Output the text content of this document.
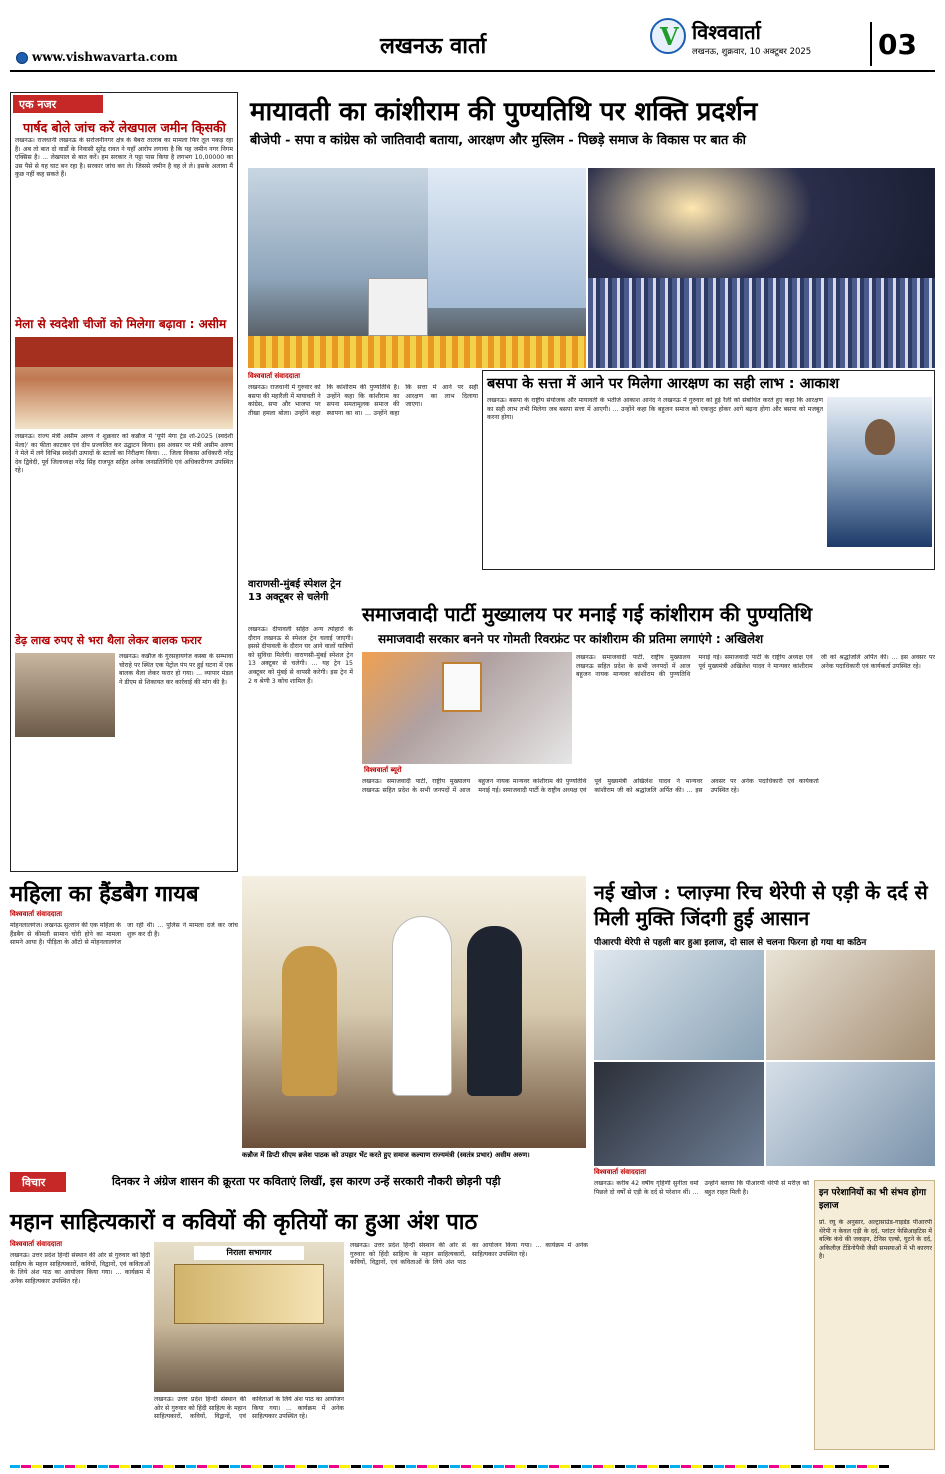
www.vishwavarta.com	लखनऊ वार्ता	V विश्ववार्ता
लखनऊ, शुक्रवार, 10 अक्टूबर 2025 03
एक नजर
पार्षद बोले जांच करें लेखपाल जमीन कि्सकी
लखनऊ। राजधानी लखनऊ के सरोजनीनगर क्षेत्र के बैबरा तालाब का मामला फिर तूल पकड़ रहा है। अब तो बात दो वार्डों के निवासी सुरेंद्र रावत ने यहाँ आरोप लगाया है कि यह जमीन नगर निगम एक्सिस है। ... लेखपाल से बात करें। हम सरकार ने पट्टा पास किया है लगभग 10,00000 का उस पैसे से यह घाट बन रहा है। सरकार जांच कर ले। जिससे जमीन है वह ले ले। इसके अलावा मैं कुछ नहीं कह सकते हैं।
मेला से स्वदेशी चीजों को मिलेगा बढ़ावा : असीम
लखनऊ। राज्य मंत्री असीम अरुण ने शुक्रवार को कन्नौज में 'यूपी मेगा ट्रेड शो-2025 (स्वदेशी मेला)' का फीता काटकर एवं दीप प्रज्वलित कर उद्घाटन किया। इस अवसर पर मंत्री असीम अरुण ने मेले में लगे विभिन्न स्वदेशी उत्पादों के स्टालों का निरीक्षण किया। ... जिला विकास अधिकारी नरेंद्र देव द्विवेदी, पूर्व जिलाध्यक्ष नरेंद्र सिंह राजपूत सहित अनेक जनप्रतिनिधि एवं अधिकारीगण उपस्थित रहे।
डेढ़ लाख रुपए से भरा थैला लेकर बालक फरार
लखनऊ। कन्नौज के गुरसहायगंज कस्बा के सम्भावा चोराहे पर स्थित एक पेट्रोल पंप पर हुई घटना में एक बालक थैला लेकर फरार हो गया। ... व्यापार मंडल ने डीएम से शिकायत कर कार्रवाई की मांग की है।
मायावती का कांशीराम की पुण्यतिथि पर शक्ति प्रदर्शन
बीजेपी - सपा व कांग्रेस को जातिवादी बताया, आरक्षण और मुस्लिम - पिछड़े समाज के विकास पर बात की
विश्ववार्ता संवाददाता
लखनऊ। राजधानी में गुरुवार को बसपा की महारैली में मायावती ने कांग्रेस, सपा और भाजपा पर तीखा हमला बोला। उन्होंने कहा कि कांशीराम की पुण्यतिथि है। उन्होंने कहा कि कांशीराम का सपना समतामूलक समाज की स्थापना का था। ... उन्होंने कहा कि सत्ता में आने पर सही आरक्षण का लाभ दिलाया जाएगा।
बसपा के सत्ता में आने पर मिलेगा आरक्षण का सही लाभ : आकाश
लखनऊ। बसपा के राष्ट्रीय संयोजक और मायावती के भतीजे आकाश आनंद ने लखनऊ में गुरुवार को हुई रैली को संबोधित करते हुए कहा कि आरक्षण का सही लाभ तभी मिलेगा जब बसपा सत्ता में आएगी। ... उन्होंने कहा कि बहुजन समाज को एकजुट होकर आगे बढ़ना होगा और बसपा को मजबूत करना होगा।
वाराणसी-मुंबई स्पेशल ट्रेन 13 अक्टूबर से चलेगी
लखनऊ। दीपावली सहित अन्य त्योहारों के दौरान लखनऊ से स्पेशल ट्रेन चलाई जाएगी। इससे दीपावली के दौरान घर आने वालों यात्रियों को सुविधा मिलेगी। वाराणसी-मुंबई स्पेशल ट्रेन 13 अक्टूबर से चलेगी। ... यह ट्रेन 15 अक्टूबर को मुंबई से वापसी करेगी। इस ट्रेन में 2 व श्रेणी 3 कोच शामिल हैं।
समाजवादी पार्टी मुख्यालय पर मनाई गई कांशीराम की पुण्यतिथि
समाजवादी सरकार बनने पर गोमती रिवरफ्रंट पर कांशीराम की प्रतिमा लगाएंगे : अखिलेश
विश्ववार्ता ब्यूरो
लखनऊ। समाजवादी पार्टी, राष्ट्रीय मुख्यालय लखनऊ सहित प्रदेश के सभी जनपदों में आज बहुजन नायक मान्यवर कांशीराम की पुण्यतिथि मनाई गई। समाजवादी पार्टी के राष्ट्रीय अध्यक्ष एवं पूर्व मुख्यमंत्री अखिलेश यादव ने मान्यवर कांशीराम जी को श्रद्धांजलि अर्पित की। ... इस अवसर पर अनेक पदाधिकारी एवं कार्यकर्ता उपस्थित रहे।
लखनऊ। समाजवादी पार्टी, राष्ट्रीय मुख्यालय लखनऊ सहित प्रदेश के सभी जनपदों में आज बहुजन नायक मान्यवर कांशीराम की पुण्यतिथि मनाई गई। समाजवादी पार्टी के राष्ट्रीय अध्यक्ष एवं पूर्व मुख्यमंत्री अखिलेश यादव ने मान्यवर कांशीराम जी को श्रद्धांजलि अर्पित की। ... इस अवसर पर अनेक पदाधिकारी एवं कार्यकर्ता उपस्थित रहे।
महिला का हैंडबैग गायब
विश्ववार्ता संवाददाता
मोहनलालगंज। लखनऊ सुल्तान की एक महिला के हैंडबैग से कीमती सामान चोरी होने का मामला सामने आया है। पीड़िता के ऑटो से मोहनलालगंज जा रही थी। ... पुलिस ने मामला दर्ज कर जांच शुरू कर दी है।
कन्नौज में डिप्टी सीएम ब्रजेश पाठक को उपहार भेंट करते हुए समाज कल्याण राज्यमंत्री (स्वतंत्र प्रभार) असीम अरुण।
नई खोज : प्लाज़्मा रिच थेरेपी से एड़ी के दर्द से मिली मुक्ति जिंदगी हुई आसान
पीआरपी थेरेपी से पहली बार हुआ इलाज, दो साल से चलना फिरना हो गया था कठिन
विश्ववार्ता संवाददाता
लखनऊ। करीब 42 वर्षीय गृहिणी सुनीता वर्मा पिछले दो वर्षों से एड़ी के दर्द से परेशान थीं। ... उन्होंने बताया कि पीआरपी थेरेपी से मरीज़ को बहुत राहत मिली है।	इन परेशानियों का भी संभव होगा इलाज
प्रो. रघु के अनुसार, अल्ट्रासाउंड-गाइडेड पीआरपी थेरेपी न केवल एड़ी के दर्द, प्लांटर फेसिआइटिस में बल्कि कंधे की जकड़न, टेनिस एल्बो, घुटने के दर्द, अकिलीज़ टेंडिनोपैथी जैसी समस्याओं में भी कारगर है।
विचार	दिनकर ने अंग्रेज शासन की क्रूरता पर कविताएं लिखीं, इस कारण उन्हें सरकारी नौकरी छोड़नी पड़ी
महान साहित्यकारों व कवियों की कृतियों का हुआ अंश पाठ
विश्ववार्ता संवाददाता
लखनऊ। उत्तर प्रदेश हिन्दी संस्थान की ओर से गुरुवार को हिंदी साहित्य के महान साहित्यकारों, कवियों, विद्वानों, एवं कविताओं के लिये अंश पाठ का आयोजन किया गया। ... कार्यक्रम में अनेक साहित्यकार उपस्थित रहे।
निराला सभागार
लखनऊ। उत्तर प्रदेश हिन्दी संस्थान की ओर से गुरुवार को हिंदी साहित्य के महान साहित्यकारों, कवियों, विद्वानों, एवं कविताओं के लिये अंश पाठ का आयोजन किया गया। ... कार्यक्रम में अनेक साहित्यकार उपस्थित रहे।
लखनऊ। उत्तर प्रदेश हिन्दी संस्थान की ओर से गुरुवार को हिंदी साहित्य के महान साहित्यकारों, कवियों, विद्वानों, एवं कविताओं के लिये अंश पाठ का आयोजन किया गया। ... कार्यक्रम में अनेक साहित्यकार उपस्थित रहे।
